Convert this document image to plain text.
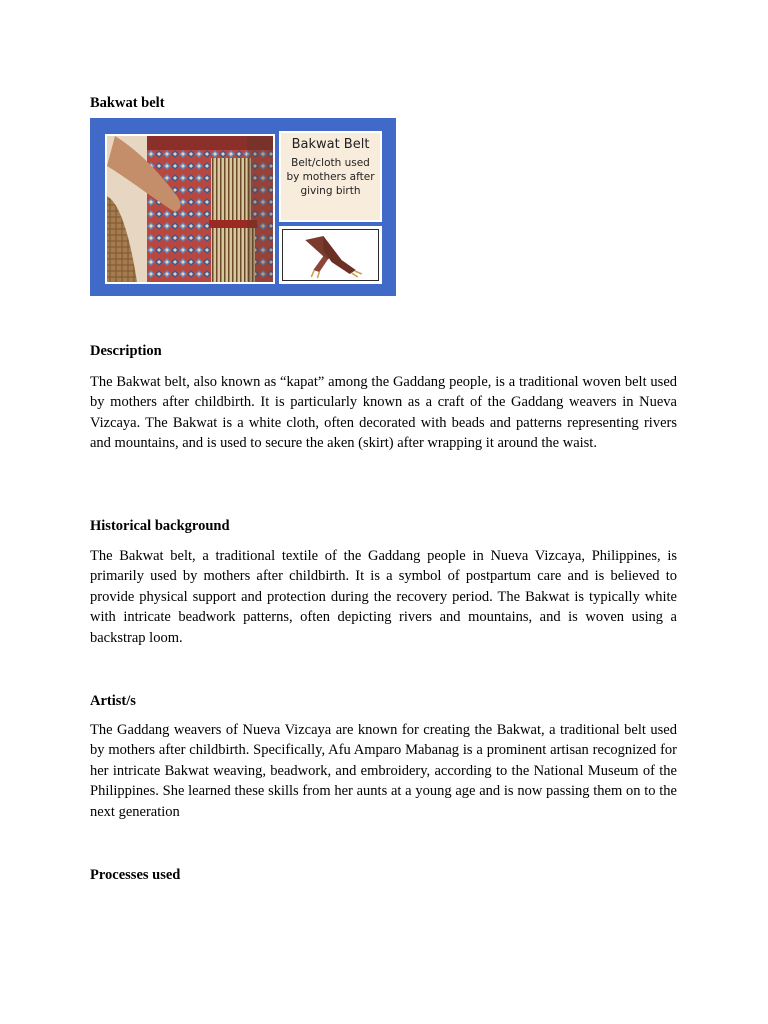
Bakwat belt
Bakwat Belt
Belt/cloth used by mothers after giving birth
Description

The Bakwat belt, also known as “kapat” among the Gaddang people, is a traditional woven belt used by mothers after childbirth. It is particularly known as a craft of the Gaddang weavers in Nueva Vizcaya. The Bakwat is a white cloth, often decorated with beads and patterns representing rivers and mountains, and is used to secure the aken (skirt) after wrapping it around the waist.

Historical background

The Bakwat belt, a traditional textile of the Gaddang people in Nueva Vizcaya, Philippines, is primarily used by mothers after childbirth. It is a symbol of postpartum care and is believed to provide physical support and protection during the recovery period. The Bakwat is typically white with intricate beadwork patterns, often depicting rivers and mountains, and is woven using a backstrap loom.

Artist/s

The Gaddang weavers of Nueva Vizcaya are known for creating the Bakwat, a traditional belt used by mothers after childbirth. Specifically, Afu Amparo Mabanag is a prominent artisan recognized for her intricate Bakwat weaving, beadwork, and embroidery, according to the National Museum of the Philippines. She learned these skills from her aunts at a young age and is now passing them on to the next generation

Processes used
